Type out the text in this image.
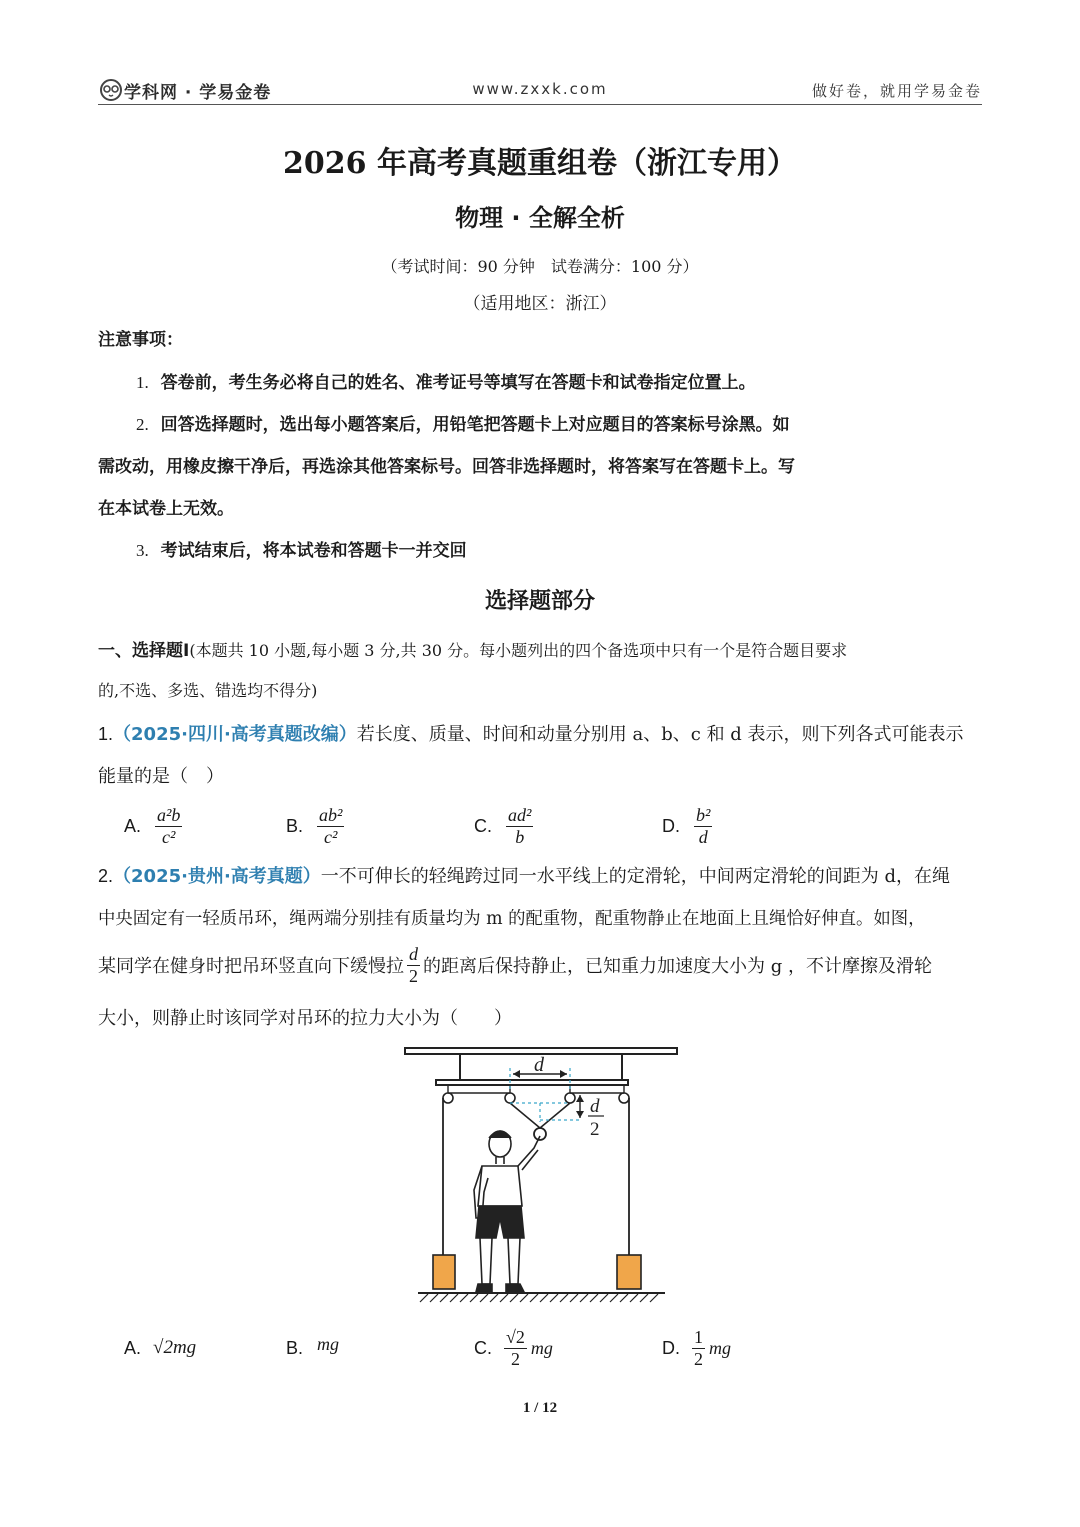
学科网 · 学易金卷	www.zxxk.com	做好卷，就用学易金卷
2026 年高考真题重组卷（浙江专用）
物理 · 全解全析
（考试时间：90 分钟　试卷满分：100 分）
（适用地区：浙江）
注意事项：
1. 答卷前，考生务必将自己的姓名、准考证号等填写在答题卡和试卷指定位置上。
2. 回答选择题时，选出每小题答案后，用铅笔把答题卡上对应题目的答案标号涂黑。如
需改动，用橡皮擦干净后，再选涂其他答案标号。回答非选择题时，将答案写在答题卡上。写
在本试卷上无效。
3. 考试结束后，将本试卷和答题卡一并交回
选择题部分
一、选择题Ⅰ(本题共 10 小题,每小题 3 分,共 30 分。每小题列出的四个备选项中只有一个是符合题目要求
的,不选、多选、错选均不得分)
1.（2025·四川·高考真题改编）若长度、质量、时间和动量分别用 a、b、c 和 d 表示，则下列各式可能表示
能量的是（　）
A. $\frac{\text{a²b}}{\text{c²}}$	B. $\frac{\text{ab²}}{\text{c²}}$	C. $\frac{\text{ad²}}{b}$	D. $\frac{\text{b²}}{d}$
2.（2025·贵州·高考真题）一不可伸长的轻绳跨过同一水平线上的定滑轮，中间两定滑轮的间距为 d，在绳
中央固定有一轻质吊环，绳两端分别挂有质量均为 m 的配重物，配重物静止在地面上且绳恰好伸直。如图，
某同学在健身时把吊环竖直向下缓慢拉 $\frac{d}{2}$ 的距离后保持静止，已知重力加速度大小为 g ，不计摩擦及滑轮
大小，则静止时该同学对吊环的拉力大小为（　　）
d
d
2
A. √2mg	B. mg	C. $\frac{√2}{2}$ mg	D. $\frac{1}{2}$ mg
1 / 12
